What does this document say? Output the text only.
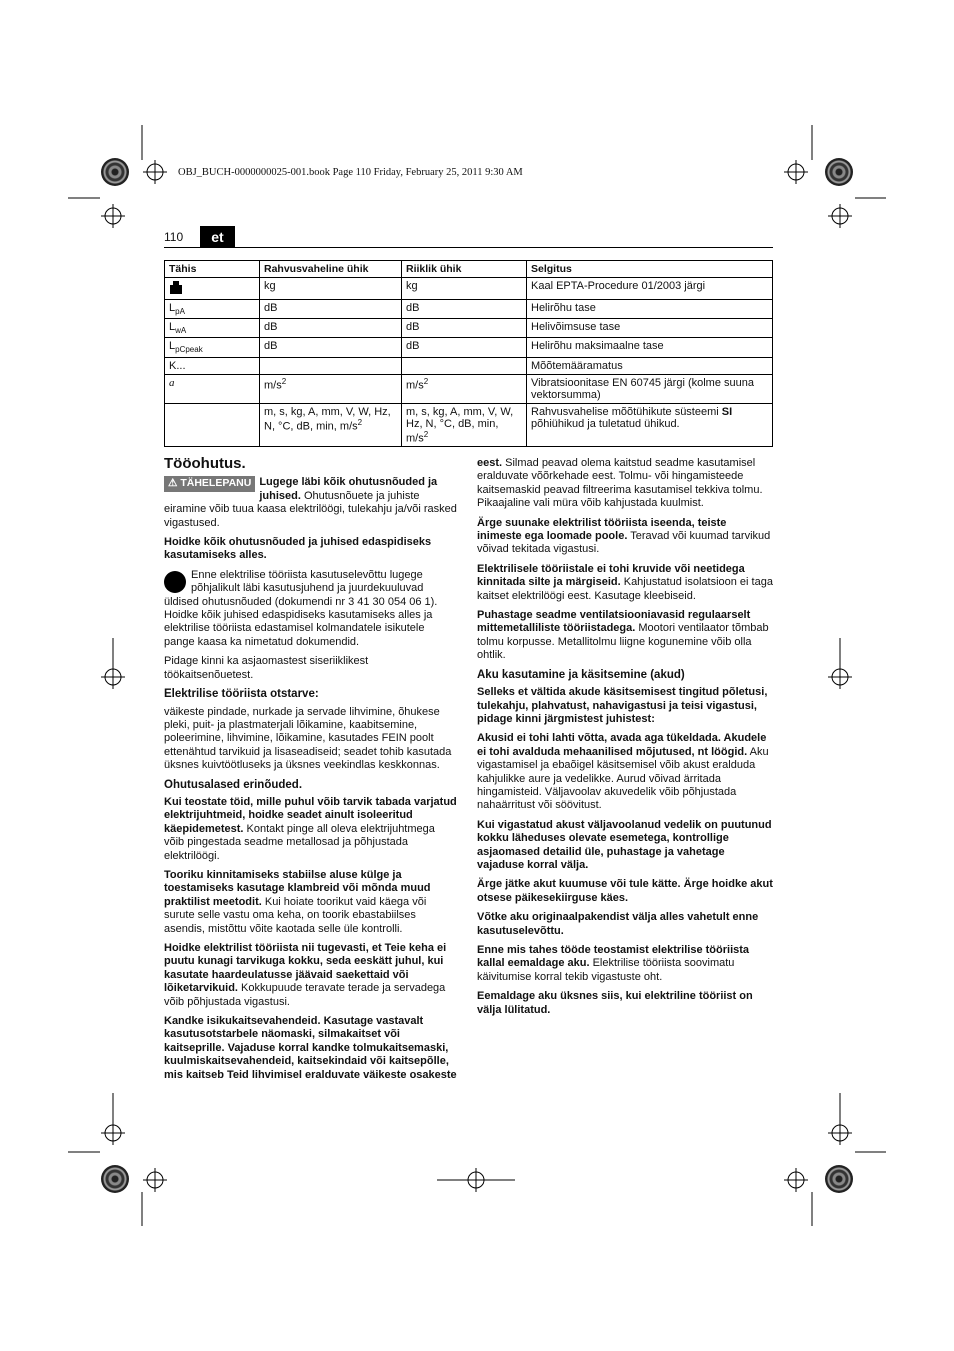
OBJ_BUCH-0000000025-001.book Page 110 Friday, February 25, 2011 9:30 AM
110	et
Tähis	Rahvusvaheline ühik	Riiklik ühik	Selgitus
	kg	kg	Kaal EPTA-Procedure 01/2003 järgi
$L_{pA}$	dB	dB	Helirõhu tase
$L_{wA}$	dB	dB	Helivõimsuse tase
$L_{pCpeak}$	dB	dB	Helirõhu maksimaalne tase
K...			Mõõtemääramatus
a	$m/s^2$	$m/s^2$	Vibratsioonitase EN 60745 järgi (kolme suuna vektorsumma)
	m, s, kg, A, mm, V, W, Hz, N, °C, dB, min, $m/s^2$	m, s, kg, A, mm, V, W, Hz, N, °C, dB, min, $m/s^2$	Rahvusvahelise mõõtühikute süsteemi SI põhiühikud ja tuletatud ühikud.
Tööohutus.

⚠ TÄHELEPANU Lugege läbi kõik ohutusnõuded ja juhised. Ohutusnõuete ja juhiste eiramine võib tuua kaasa elektrilöögi, tulekahju ja/või rasked vigastused.

Hoidke kõik ohutusnõuded ja juhised edaspidiseks kasutamiseks alles.

Enne elektrilise tööriista kasutuselevõttu lugege põhjalikult läbi kasutusjuhend ja juurdekuuluvad üldised ohutusnõuded (dokumendi nr 3 41 30 054 06 1). Hoidke kõik juhised edaspidiseks kasutamiseks alles ja elektrilise tööriista edastamisel kolmandatele isikutele pange kaasa ka nimetatud dokumendid.

Pidage kinni ka asjaomastest siseriiklikest töökaitsenõuetest.

Elektrilise tööriista otstarve:

väikeste pindade, nurkade ja servade lihvimine, õhukese pleki, puit- ja plastmaterjali lõikamine, kaabitsemine, poleerimine, lihvimine, lõikamine, kasutades FEIN poolt ettenähtud tarvikuid ja lisaseadiseid; seadet tohib kasutada üksnes kuivtöötluseks ja üksnes veekindlas keskkonnas.

Ohutusalased erinõuded.

Kui teostate töid, mille puhul võib tarvik tabada varjatud elektrijuhtmeid, hoidke seadet ainult isoleeritud käepidemetest. Kontakt pinge all oleva elektrijuhtmega võib pingestada seadme metallosad ja põhjustada elektrilöögi.

Tooriku kinnitamiseks stabiilse aluse külge ja toestamiseks kasutage klambreid või mõnda muud praktilist meetodit. Kui hoiate toorikut vaid käega või surute selle vastu oma keha, on toorik ebastabiilses asendis, mistõttu võite kaotada selle üle kontrolli.

Hoidke elektrilist tööriista nii tugevasti, et Teie keha ei puutu kunagi tarvikuga kokku, seda eeskätt juhul, kui kasutate haardeulatusse jäävaid saekettaid või lõiketarvikuid. Kokkupuude teravate terade ja servadega võib põhjustada vigastusi.

Kandke isikukaitsevahendeid. Kasutage vastavalt kasutusotstarbele näomaski, silmakaitset või kaitseprille. Vajaduse korral kandke tolmukaitsemaski, kuulmiskaitsevahendeid, kaitsekindaid või kaitsepõlle, mis kaitseb Teid lihvimisel eralduvate väikeste osakeste

eest. Silmad peavad olema kaitstud seadme kasutamisel eralduvate võõrkehade eest. Tolmu- või hingamisteede kaitsemaskid peavad filtreerima kasutamisel tekkiva tolmu. Pikaajaline vali müra võib kahjustada kuulmist.

Ärge suunake elektrilist tööriista iseenda, teiste inimeste ega loomade poole. Teravad või kuumad tarvikud võivad tekitada vigastusi.

Elektrilisele tööriistale ei tohi kruvide või neetidega kinnitada silte ja märgiseid. Kahjustatud isolatsioon ei taga kaitset elektrilöögi eest. Kasutage kleebiseid.

Puhastage seadme ventilatsiooniavasid regulaarselt mittemetalliliste tööriistadega. Mootori ventilaator tõmbab tolmu korpusse. Metallitolmu liigne kogunemine võib olla ohtlik.

Aku kasutamine ja käsitsemine (akud)

Selleks et vältida akude käsitsemisest tingitud põletusi, tulekahju, plahvatust, nahavigastusi ja teisi vigastusi, pidage kinni järgmistest juhistest:

Akusid ei tohi lahti võtta, avada aga tükeldada. Akudele ei tohi avalduda mehaanilised mõjutused, nt löögid. Aku vigastamisel ja ebaõigel käsitsemisel võib akust eralduda kahjulikke aure ja vedelikke. Aurud võivad ärritada hingamisteid. Väljavoolav akuvedelik võib põhjustada nahaärritust või söövitust.

Kui vigastatud akust väljavoolanud vedelik on puutunud kokku läheduses olevate esemetega, kontrollige asjaomased detailid üle, puhastage ja vahetage vajaduse korral välja.

Ärge jätke akut kuumuse või tule kätte. Ärge hoidke akut otsese päikesekiirguse käes.

Võtke aku originaalpakendist välja alles vahetult enne kasutuselevõttu.

Enne mis tahes tööde teostamist elektrilise tööriista kallal eemaldage aku. Elektrilise tööriista soovimatu käivitumise korral tekib vigastuste oht.

Eemaldage aku üksnes siis, kui elektriline tööriist on välja lülitatud.
